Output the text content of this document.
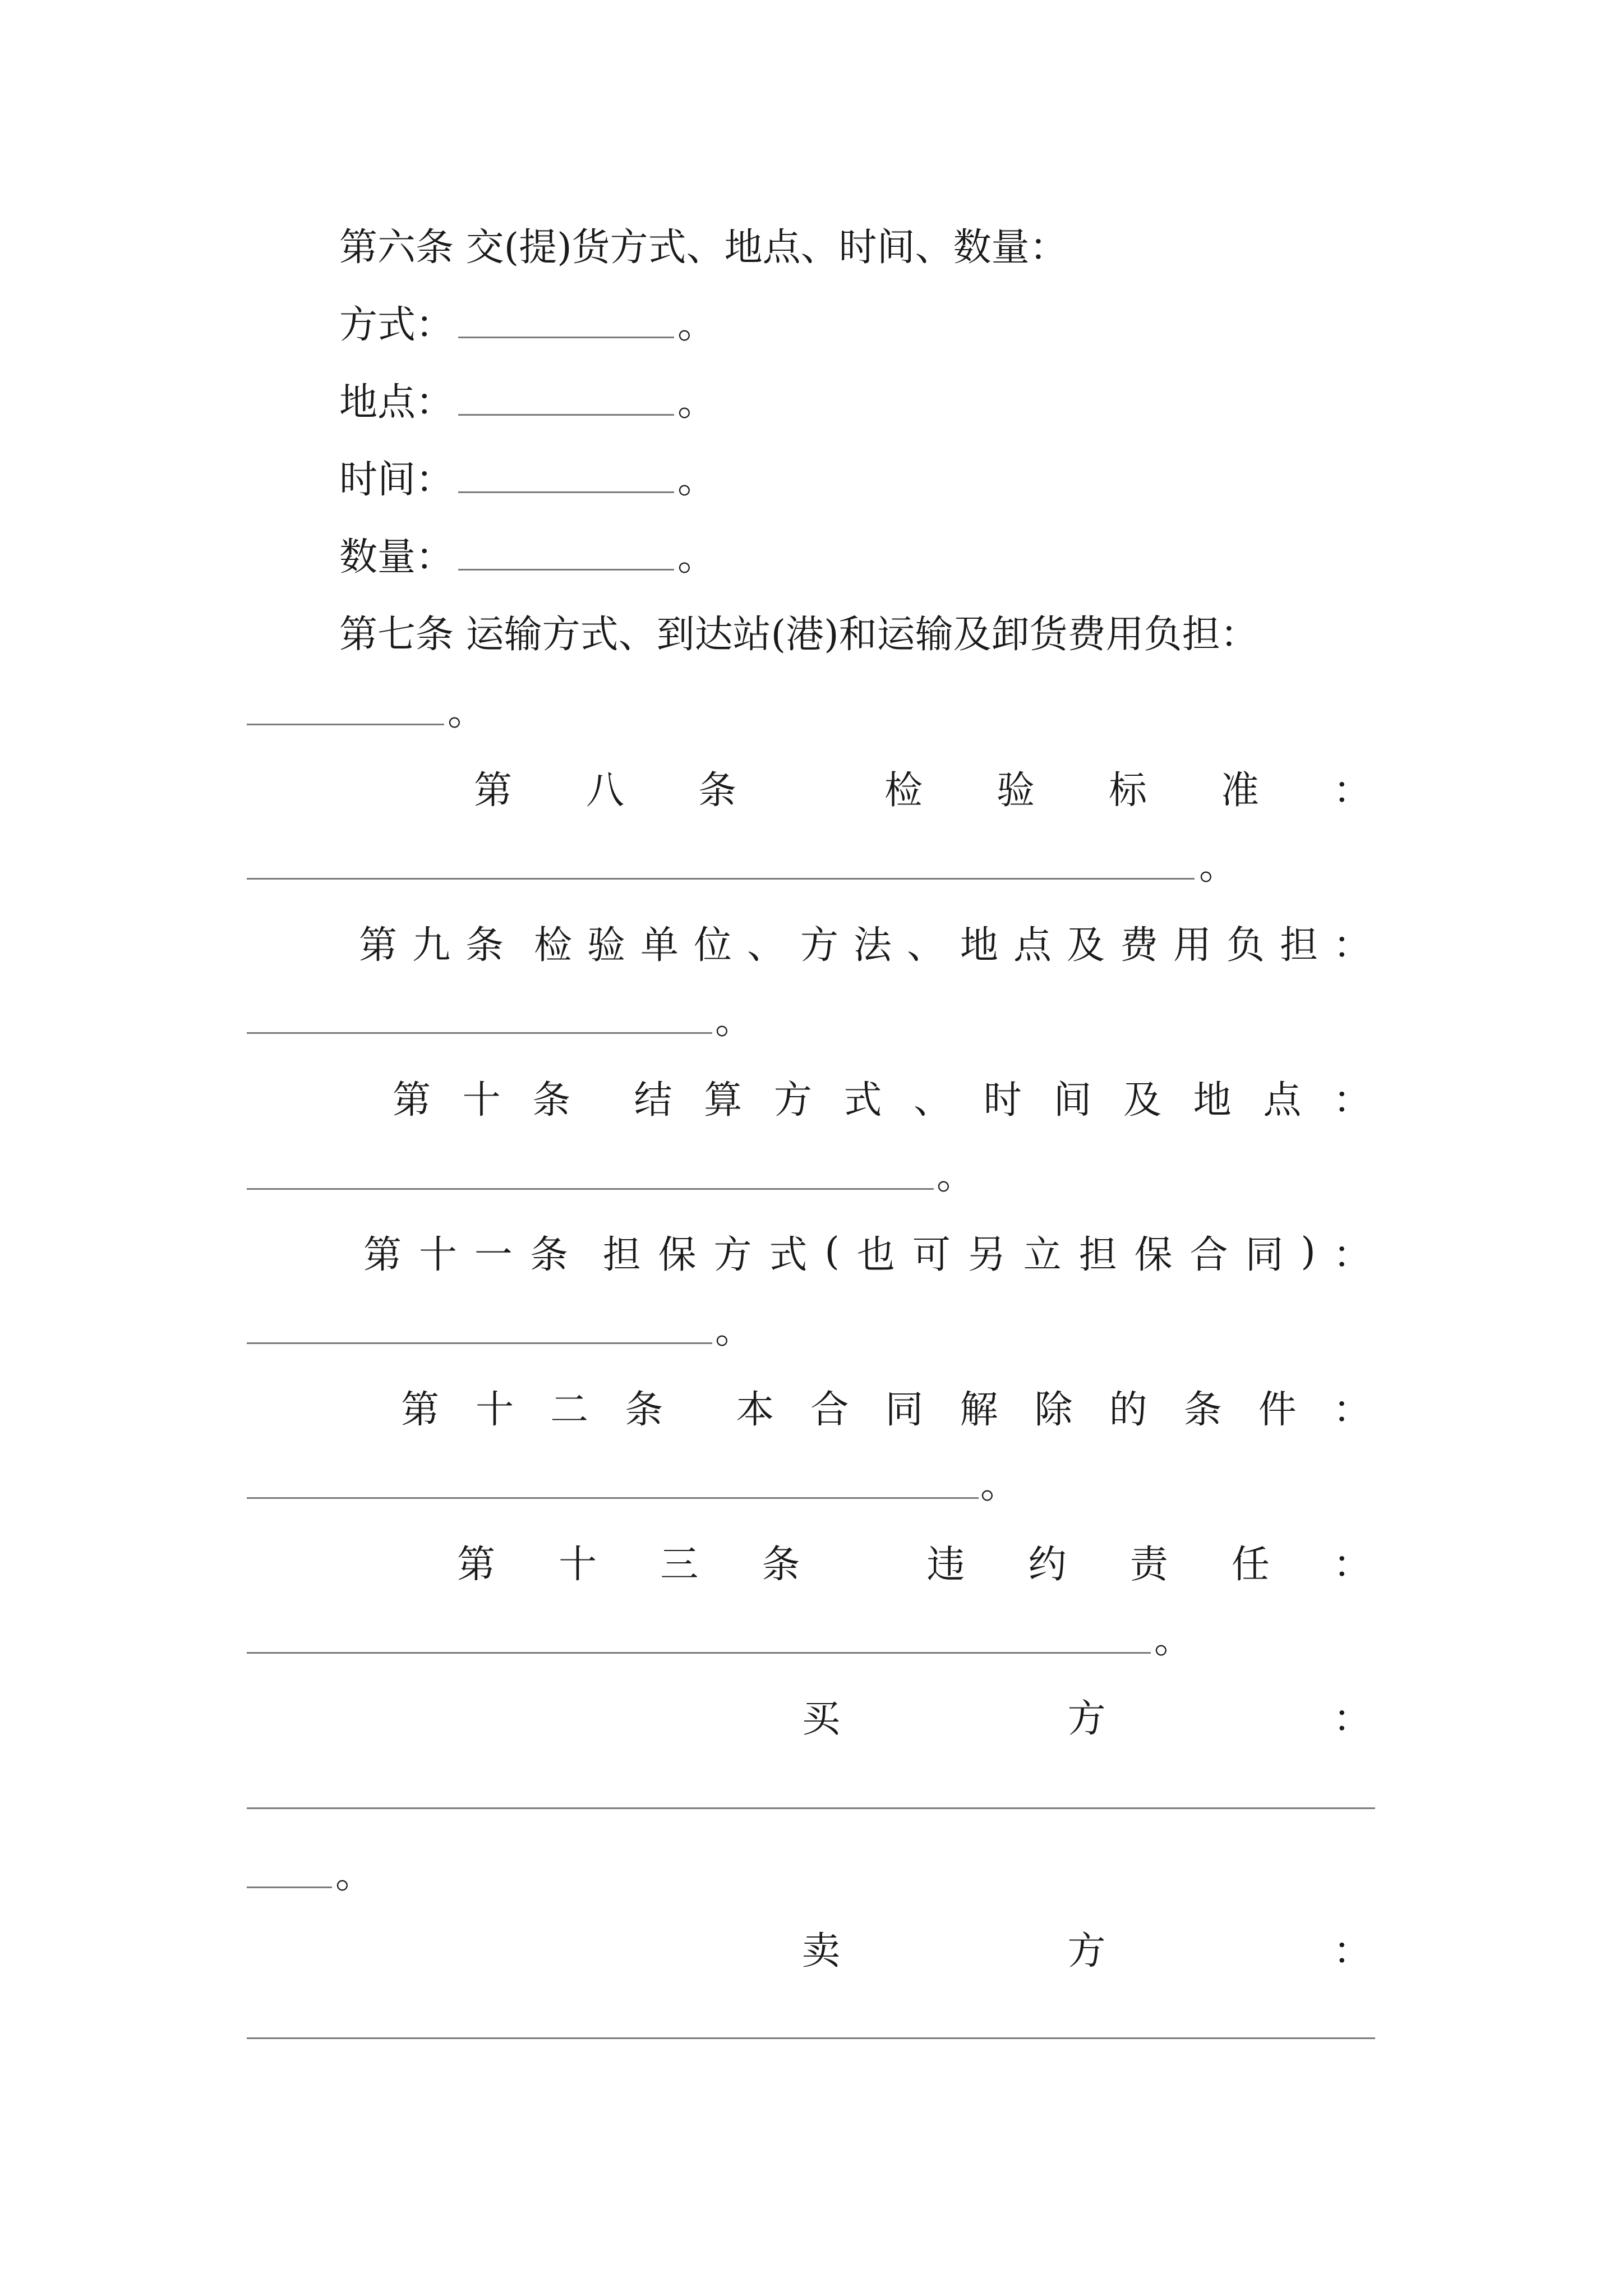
第六条 交(提)货方式、地点、时间、数量：
方式：	。
地点：	。
时间：	。
数量：	。
第七条 运输方式、到达站(港)和运输及卸货费用负担：
。
第 八 条	检 验 标 准 ：
。
第 九 条 检 验 单 位 、 方 法 、 地 点 及 费 用 负 担 ：
。
第 十 条 结 算 方 式 、 时 间 及 地 点 ：
。
第 十 一 条 担 保 方 式 ( 也 可 另 立 担 保 合 同 ) ：
。
第 十 二 条 本 合 同 解 除 的 条 件 ：
。
第 十 三 条	违 约 责 任 ：
。
买	方	：
。
卖	方	：
